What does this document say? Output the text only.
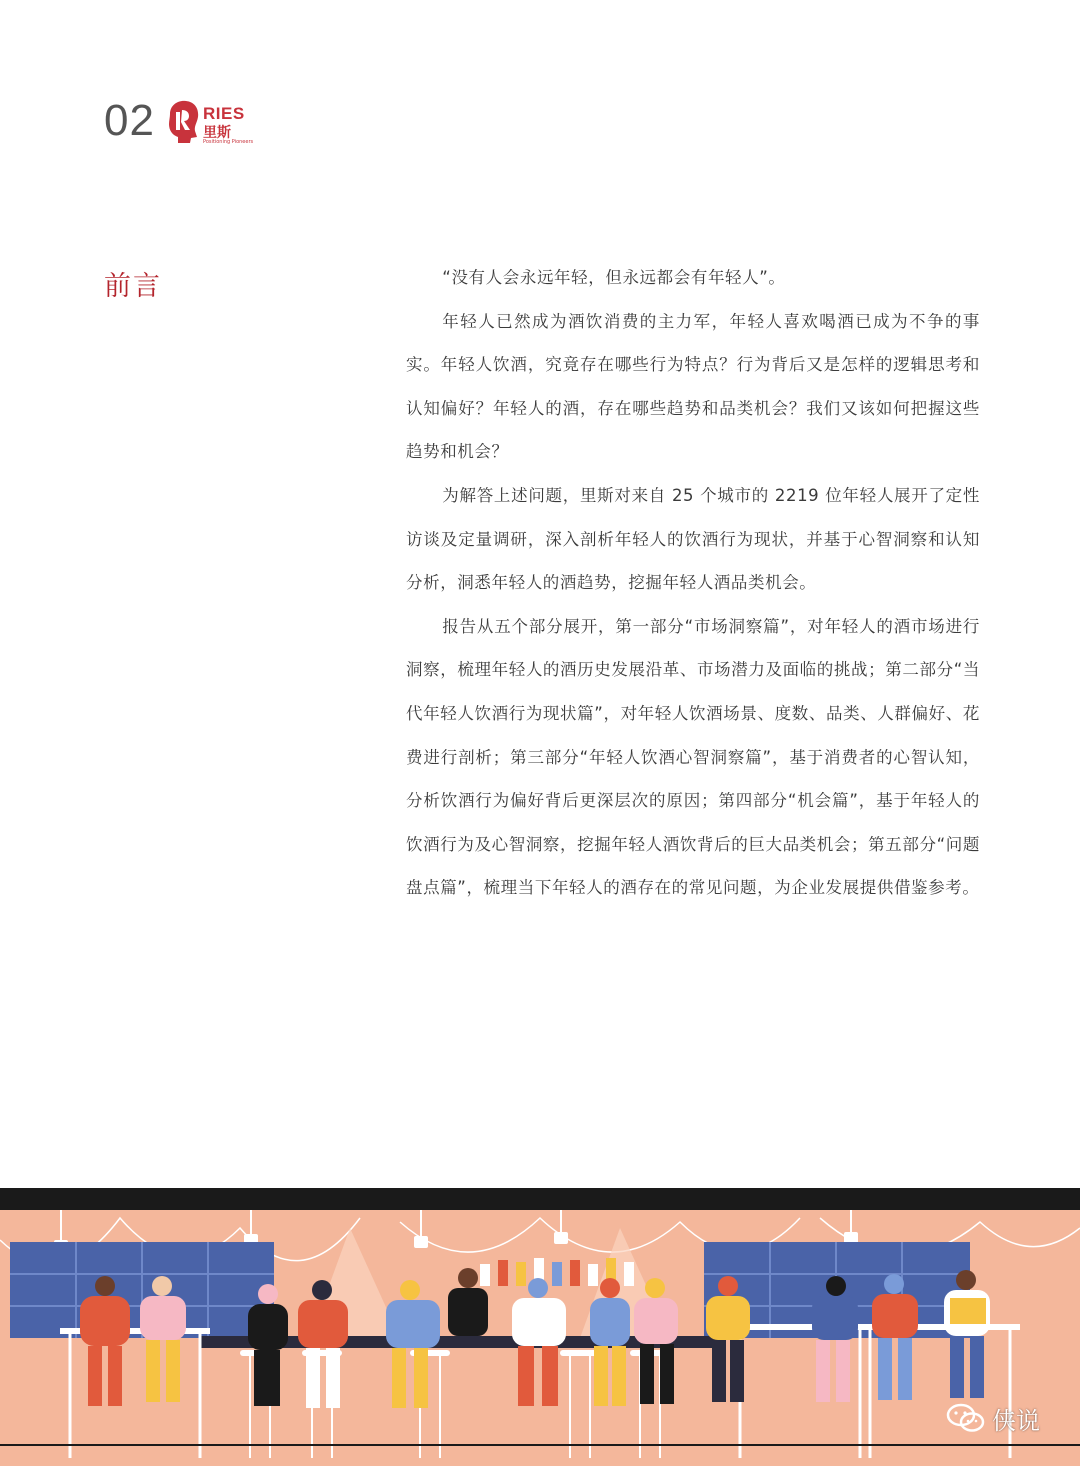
02	RIES
里斯
Positioning Pioneers
前言	“没有人会永远年轻，但永远都会有年轻人”。

年轻人已然成为酒饮消费的主力军，年轻人喜欢喝酒已成为不争的事实。年轻人饮酒，究竟存在哪些行为特点？行为背后又是怎样的逻辑思考和认知偏好？年轻人的酒，存在哪些趋势和品类机会？我们又该如何把握这些趋势和机会？

为解答上述问题，里斯对来自 25 个城市的 2219 位年轻人展开了定性访谈及定量调研，深入剖析年轻人的饮酒行为现状，并基于心智洞察和认知分析，洞悉年轻人的酒趋势，挖掘年轻人酒品类机会。

报告从五个部分展开，第一部分“市场洞察篇”，对年轻人的酒市场进行洞察，梳理年轻人的酒历史发展沿革、市场潜力及面临的挑战；第二部分“当代年轻人饮酒行为现状篇”，对年轻人饮酒场景、度数、品类、人群偏好、花费进行剖析；第三部分“年轻人饮酒心智洞察篇”，基于消费者的心智认知，分析饮酒行为偏好背后更深层次的原因；第四部分“机会篇”，基于年轻人的饮酒行为及心智洞察，挖掘年轻人酒饮背后的巨大品类机会；第五部分“问题盘点篇”，梳理当下年轻人的酒存在的常见问题，为企业发展提供借鉴参考。

侠说
